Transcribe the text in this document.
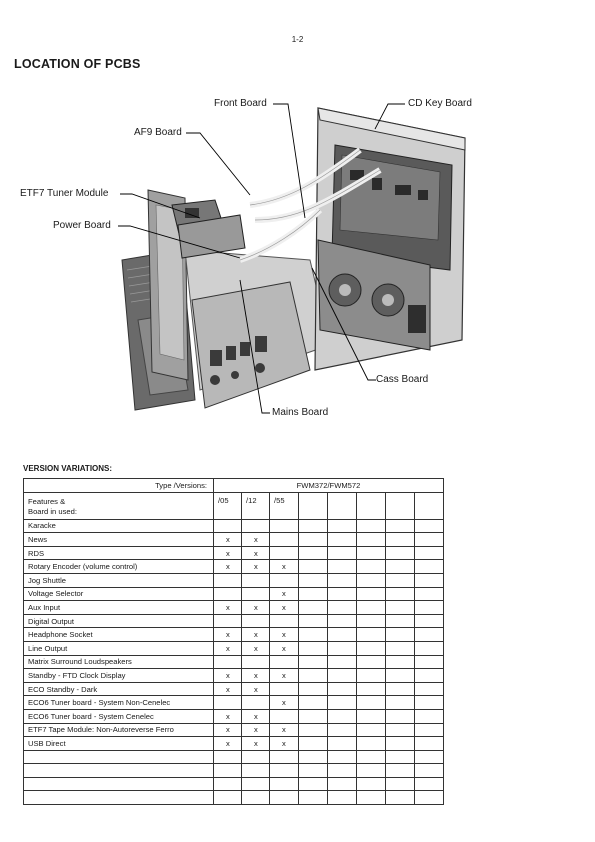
1-2
LOCATION OF PCBS
Front Board	CD Key Board
AF9 Board
ETF7 Tuner Module
Power Board
Cass Board
Mains Board
VERSION VARIATIONS:
Type /Versions:	FWM372/FWM572							
Features &
Board in used:	/05	/12	/55					
Karacke								
News	x	x						
RDS	x	x						
Rotary Encoder (volume control)	x	x	x					
Jog Shuttle								
Voltage Selector			x					
Aux Input	x	x	x					
Digital Output								
Headphone Socket	x	x	x					
Line Output	x	x	x					
Matrix Surround Loudspeakers								
Standby - FTD Clock Display	x	x	x					
ECO Standby - Dark	x	x						
ECO6 Tuner board - System Non-Cenelec			x					
ECO6 Tuner board - System Cenelec	x	x						
ETF7 Tape Module: Non-Autoreverse Ferro	x	x	x					
USB Direct	x	x	x					
